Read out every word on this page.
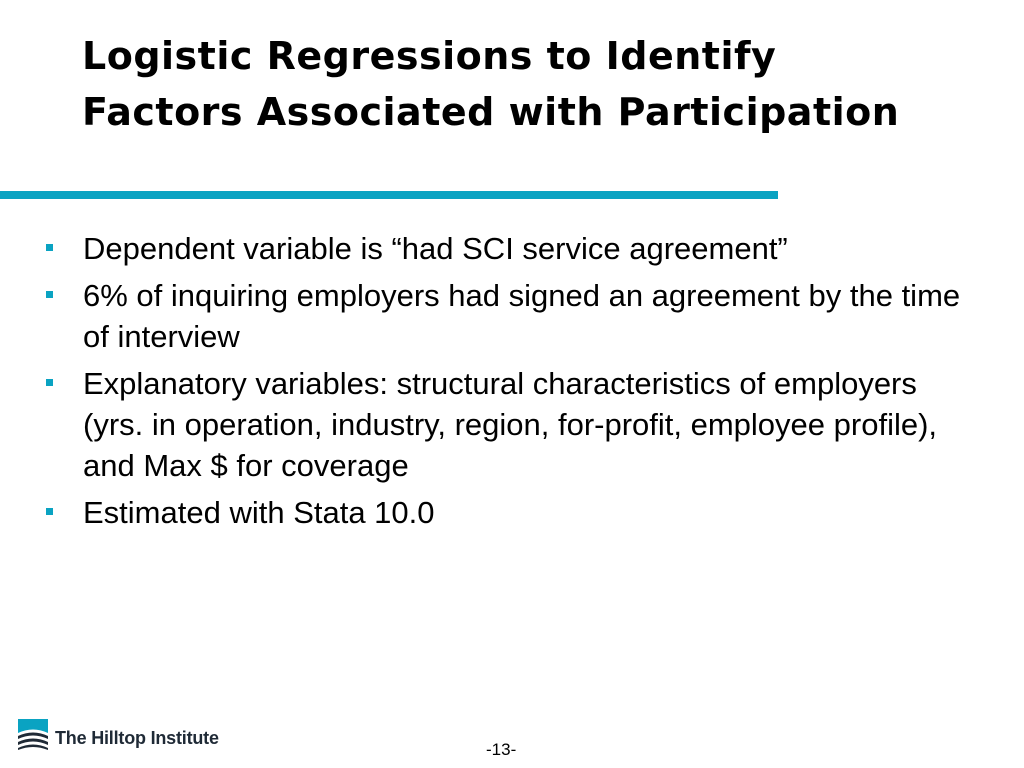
Logistic Regressions to Identify Factors Associated with Participation
Dependent variable is “had SCI service agreement”
6% of inquiring employers had signed an agreement by the time of interview
Explanatory variables: structural characteristics of employers (yrs. in operation, industry, region, for-profit, employee profile), and Max $ for coverage
Estimated with Stata 10.0
The Hilltop Institute
-13-
